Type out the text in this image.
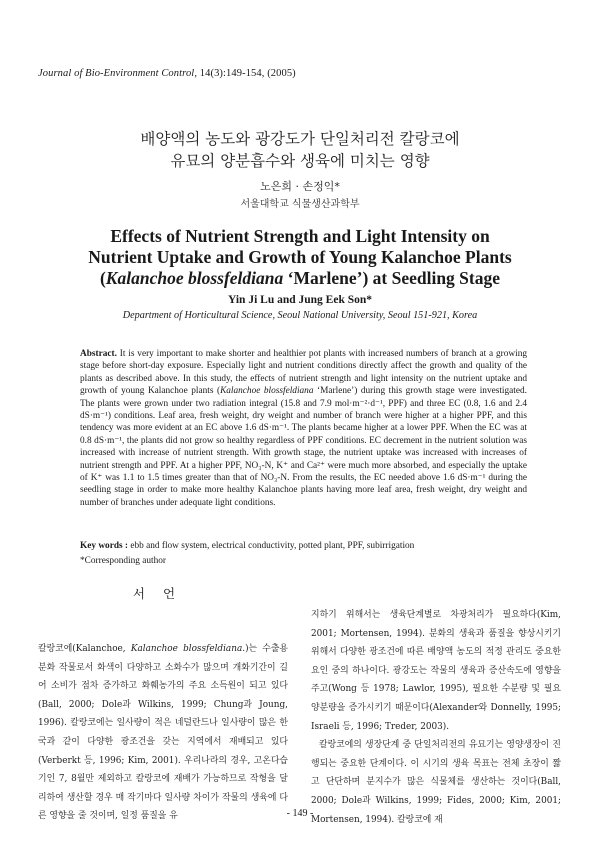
Journal of Bio-Environment Control, 14(3):149-154, (2005)
배양액의 농도와 광강도가 단일처리전 칼랑코에
유묘의 양분흡수와 생육에 미치는 영향
노은희 · 손정익*
서울대학교 식물생산과학부
Effects of Nutrient Strength and Light Intensity on
Nutrient Uptake and Growth of Young Kalanchoe Plants
(Kalanchoe blossfeldiana ‘Marlene’) at Seedling Stage
Yin Ji Lu and Jung Eek Son*
Department of Horticultural Science, Seoul National University, Seoul 151-921, Korea
Abstract. It is very important to make shorter and healthier pot plants with increased numbers of branch at a growing stage before short-day exposure. Especially light and nutrient conditions directly affect the growth and quality of the plants as described above. In this study, the effects of nutrient strength and light intensity on the nutrient uptake and growth of young Kalanchoe plants (Kalanchoe blossfeldiana ‘Marlene’) during this growth stage were investigated. The plants were grown under two radiation integral (15.8 and 7.9 mol·m⁻²·d⁻¹, PPF) and three EC (0.8, 1.6 and 2.4 dS·m⁻¹) conditions. Leaf area, fresh weight, dry weight and number of branch were higher at a higher PPF, and this tendency was more evident at an EC above 1.6 dS·m⁻¹. The plants became higher at a lower PPF. When the EC was at 0.8 dS·m⁻¹, the plants did not grow so healthy regardless of PPF conditions. EC decrement in the nutrient solution was increased with increase of nutrient strength. With growth stage, the nutrient uptake was increased with increases of nutrient strength and PPF. At a higher PPF, NO₃-N, K⁺ and Ca²⁺ were much more absorbed, and especially the uptake of K⁺ was 1.1 to 1.5 times greater than that of NO₃-N. From the results, the EC needed above 1.6 dS·m⁻¹ during the seedling stage in order to make more healthy Kalanchoe plants having more leaf area, fresh weight, dry weight and number of branches under adequate light conditions.
Key words : ebb and flow system, electrical conductivity, potted plant, PPF, subirrigation
*Corresponding author
서언

칼랑코에(Kalanchoe, Kalanchoe blossfeldiana.)는 수출용 분화 작물로서 화색이 다양하고 소화수가 많으며 개화기간이 길어 소비가 점차 증가하고 화훼농가의 주요 소득원이 되고 있다(Ball, 2000; Dole과 Wilkins, 1999; Chung과 Joung, 1996). 칼랑코에는 일사량이 적은 네덜란드나 일사량이 많은 한국과 같이 다양한 광조건을 갖는 지역에서 재배되고 있다(Verberkt 등, 1996; Kim, 2001). 우리나라의 경우, 고온다습기인 7, 8월만 제외하고 칼랑코에 재배가 가능하므로 작형을 달리하여 생산할 경우 매 작기마다 일사량 차이가 작물의 생육에 다른 영향을 줄 것이며, 일정 품질을 유

지하기 위해서는 생육단계별로 차광처리가 필요하다(Kim, 2001; Mortensen, 1994). 분화의 생육과 품질을 향상시키기 위해서 다양한 광조건에 따른 배양액 농도의 적정 관리도 중요한 요인 중의 하나이다. 광강도는 작물의 생육과 증산속도에 영향을 주고(Wong 등 1978; Lawlor, 1995), 필요한 수분량 및 필요 양분량을 증가시키기 때문이다(Alexander와 Donnelly, 1995; Israeli 등, 1996; Treder, 2003).

칼랑코에의 생장단계 중 단일처리전의 유묘기는 영양생장이 진행되는 중요한 단계이다. 이 시기의 생육 목표는 전체 초장이 짧고 단단하며 분지수가 많은 식물체를 생산하는 것이다(Ball, 2000; Dole과 Wilkins, 1999; Fides, 2000; Kim, 2001; Mortensen, 1994). 칼랑코에 재

- 149 -
